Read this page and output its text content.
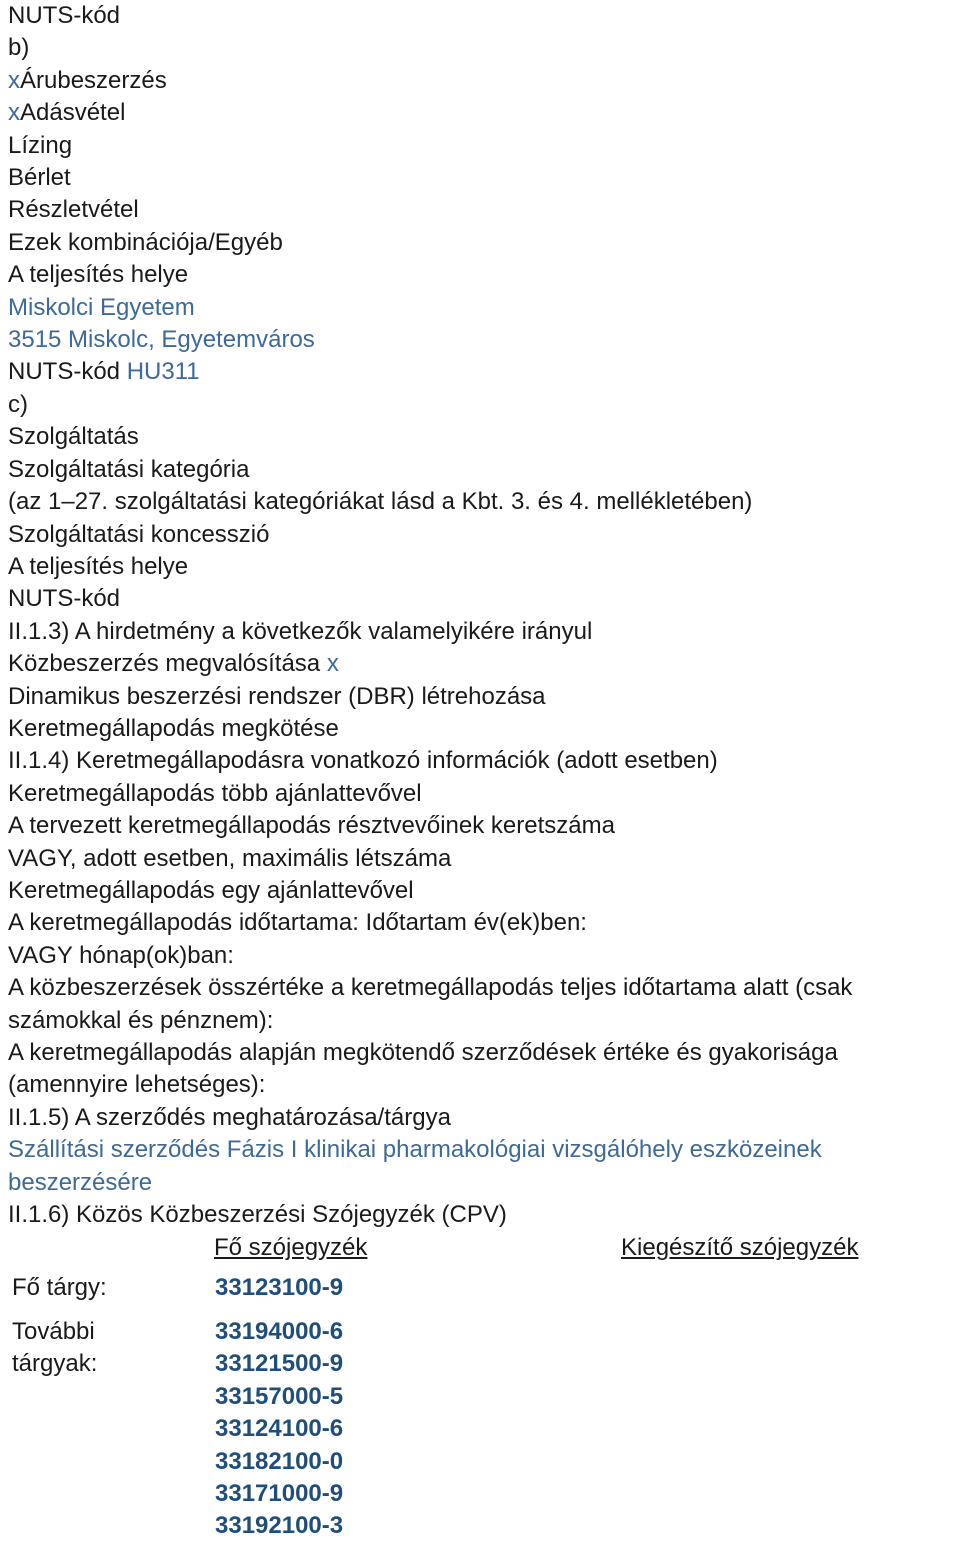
NUTS-kód
b)
xÁrubeszerzés
xAdásvétel
Lízing
Bérlet
Részletvétel
Ezek kombinációja/Egyéb
A teljesítés helye
Miskolci Egyetem
3515 Miskolc, Egyetemváros
NUTS-kód HU311
c)
Szolgáltatás
Szolgáltatási kategória
(az 1–27. szolgáltatási kategóriákat lásd a Kbt. 3. és 4. mellékletében)
Szolgáltatási koncesszió
A teljesítés helye
NUTS-kód
II.1.3) A hirdetmény a következők valamelyikére irányul
Közbeszerzés megvalósítása x
Dinamikus beszerzési rendszer (DBR) létrehozása
Keretmegállapodás megkötése
II.1.4) Keretmegállapodásra vonatkozó információk (adott esetben)
Keretmegállapodás több ajánlattevővel
A tervezett keretmegállapodás résztvevőinek keretszáma
VAGY, adott esetben, maximális létszáma
Keretmegállapodás egy ajánlattevővel
A keretmegállapodás időtartama: Időtartam év(ek)ben:
VAGY hónap(ok)ban:
A közbeszerzések összértéke a keretmegállapodás teljes időtartama alatt (csak számokkal és pénznem):
A keretmegállapodás alapján megkötendő szerződések értéke és gyakorisága (amennyire lehetséges):
II.1.5) A szerződés meghatározása/tárgya
Szállítási szerződés Fázis I klinikai pharmakológiai vizsgálóhely eszközeinek beszerzésére
II.1.6) Közös Közbeszerzési Szójegyzék (CPV)
Fő szójegyzék	Kiegészítő szójegyzék
Fő tárgy:	33123100-9
További tárgyak:
33194000-6
33121500-9
33157000-5
33124100-6
33182100-0
33171000-9
33192100-3
